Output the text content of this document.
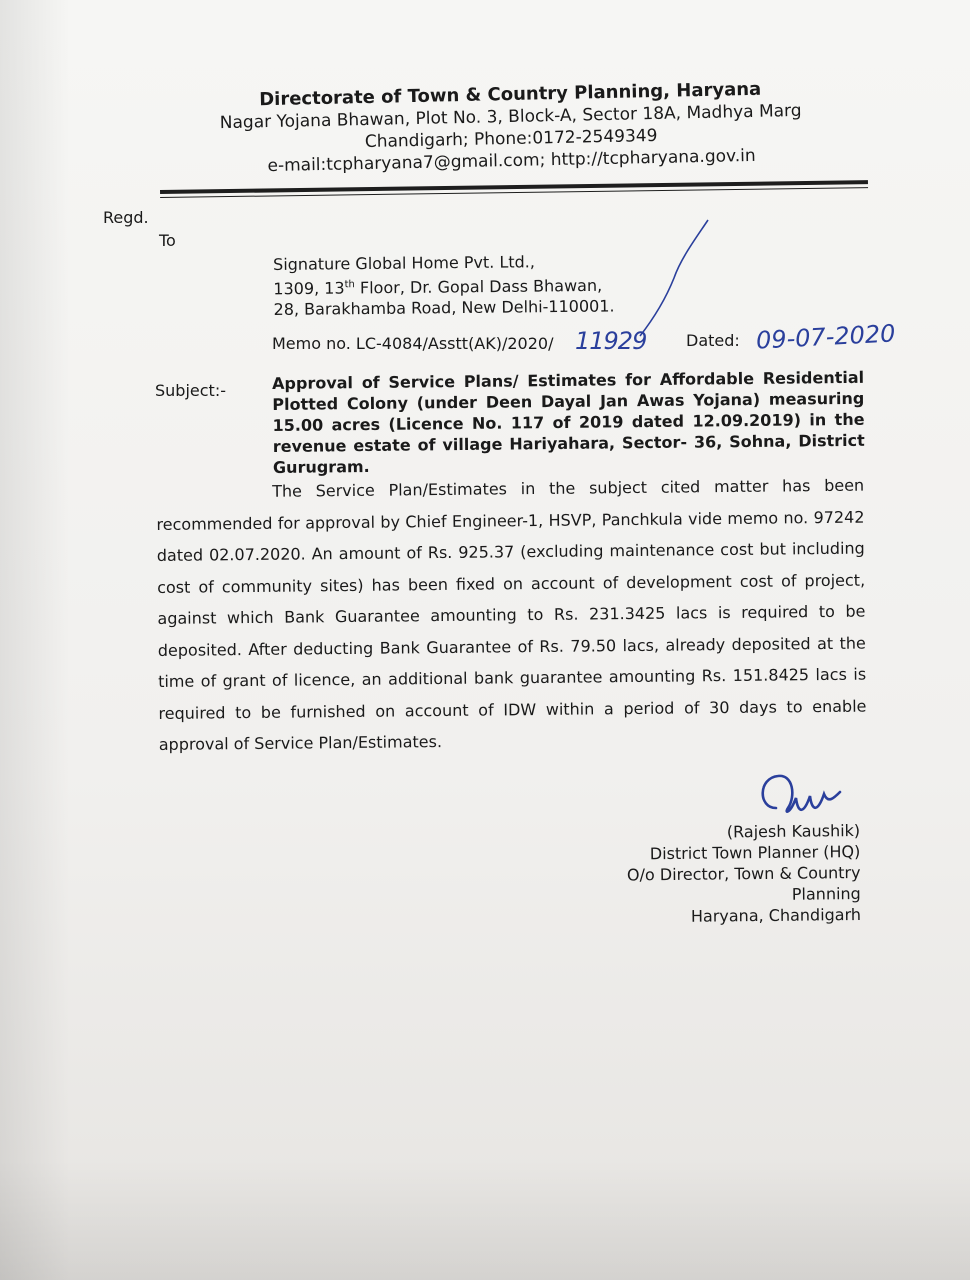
Directorate of Town & Country Planning, Haryana
Nagar Yojana Bhawan, Plot No. 3, Block-A, Sector 18A, Madhya Marg
Chandigarh; Phone:0172-2549349
e-mail:tcpharyana7@gmail.com; http://tcpharyana.gov.in
Regd.
To
Signature Global Home Pvt. Ltd.,
1309, 13th Floor, Dr. Gopal Dass Bhawan,
28, Barakhamba Road, New Delhi-110001.
Memo no. LC-4084/Asstt(AK)/2020/ 11929 Dated: 09-07-2020
Subject:-	Approval of Service Plans/ Estimates for Affordable Residential Plotted Colony (under Deen Dayal Jan Awas Yojana) measuring 15.00 acres (Licence No. 117 of 2019 dated 12.09.2019) in the revenue estate of village Hariyahara, Sector- 36, Sohna, District Gurugram.
The Service Plan/Estimates in the subject cited matter has been recommended for approval by Chief Engineer-1, HSVP, Panchkula vide memo no. 97242 dated 02.07.2020. An amount of Rs. 925.37 (excluding maintenance cost but including cost of community sites) has been fixed on account of development cost of project, against which Bank Guarantee amounting to Rs. 231.3425 lacs is required to be deposited. After deducting Bank Guarantee of Rs. 79.50 lacs, already deposited at the time of grant of licence, an additional bank guarantee amounting Rs. 151.8425 lacs is required to be furnished on account of IDW within a period of 30 days to enable approval of Service Plan/Estimates.
(Rajesh Kaushik)
District Town Planner (HQ)
O/o Director, Town & Country Planning
Haryana, Chandigarh
